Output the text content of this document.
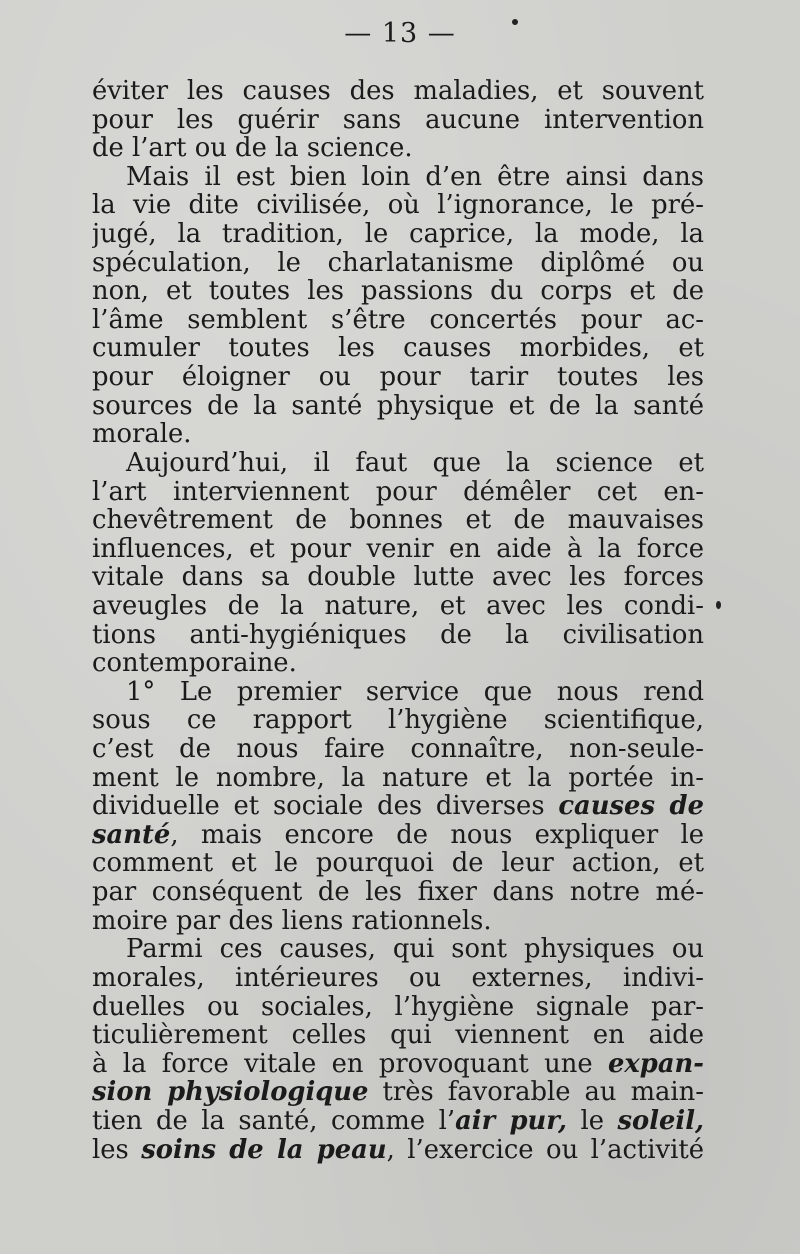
— 13 —
éviter les causes des maladies, et souvent
pour les guérir sans aucune intervention
de l’art ou de la science.
Mais il est bien loin d’en être ainsi dans
la vie dite civilisée, où l’ignorance, le pré-
jugé, la tradition, le caprice, la mode, la
spéculation, le charlatanisme diplômé ou
non, et toutes les passions du corps et de
l’âme semblent s’être concertés pour ac-
cumuler toutes les causes morbides, et
pour éloigner ou pour tarir toutes les
sources de la santé physique et de la santé
morale.
Aujourd’hui, il faut que la science et
l’art interviennent pour démêler cet en-
chevêtrement de bonnes et de mauvaises
influences, et pour venir en aide à la force
vitale dans sa double lutte avec les forces
aveugles de la nature, et avec les condi-
tions anti-hygiéniques de la civilisation
contemporaine.
1° Le premier service que nous rend
sous ce rapport l’hygiène scientifique,
c’est de nous faire connaître, non-seule-
ment le nombre, la nature et la portée in-
dividuelle et sociale des diverses causes de
santé, mais encore de nous expliquer le
comment et le pourquoi de leur action, et
par conséquent de les fixer dans notre mé-
moire par des liens rationnels.
Parmi ces causes, qui sont physiques ou
morales, intérieures ou externes, indivi-
duelles ou sociales, l’hygiène signale par-
ticulièrement celles qui viennent en aide
à la force vitale en provoquant une expan-
sion physiologique très favorable au main-
tien de la santé, comme l’air pur, le soleil,
les soins de la peau, l’exercice ou l’activité
